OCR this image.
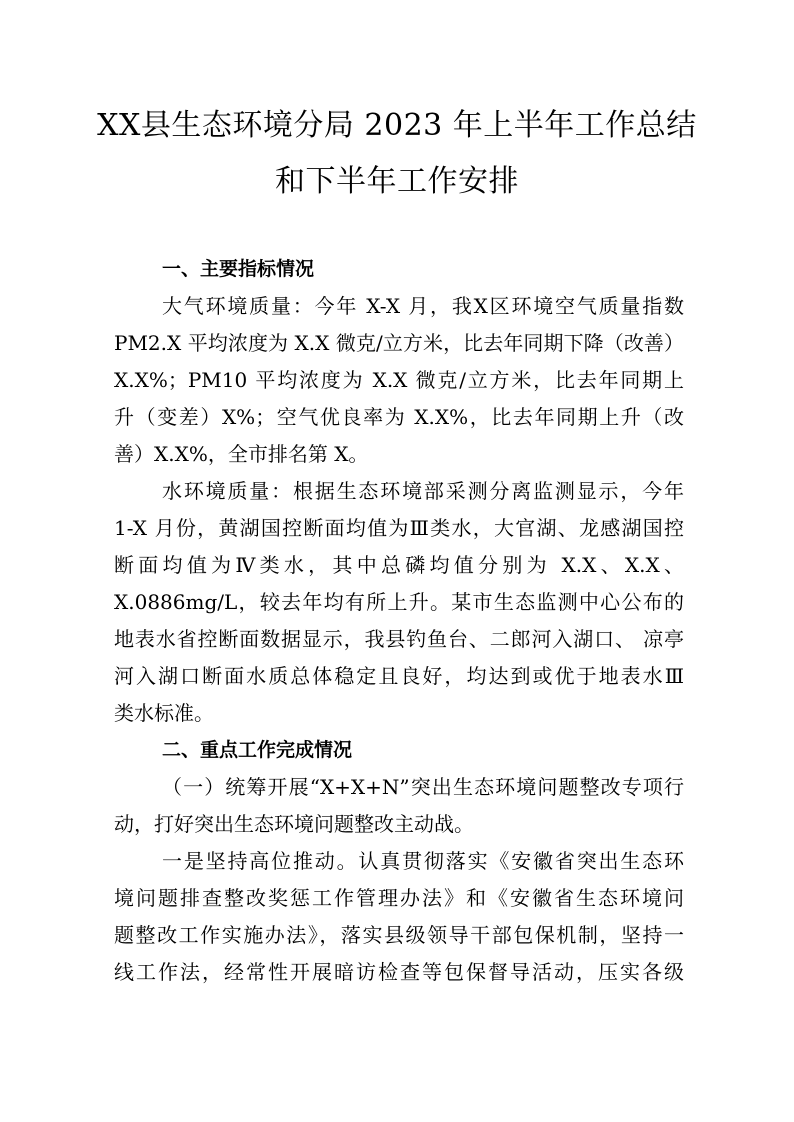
XX县生态环境分局 2023 年上半年工作总结
和下半年工作安排
一、主要指标情况
大气环境质量：今年 X-X 月，我X区环境空气质量指数
PM2.X 平均浓度为 X.X 微克/立方米，比去年同期下降（改善）
X.X%；PM10 平均浓度为 X.X 微克/立方米，比去年同期上
升（变差）X%；空气优良率为 X.X%，比去年同期上升（改
善）X.X%，全市排名第 X。
水环境质量：根据生态环境部采测分离监测显示，今年
1-X 月份，黄湖国控断面均值为Ⅲ类水，大官湖、龙感湖国控
断面均值为Ⅳ类水，其中总磷均值分别为 X.X、X.X、
X.0886mg/L，较去年均有所上升。某市生态监测中心公布的
地表水省控断面数据显示，我县钓鱼台、二郎河入湖口、 凉亭
河入湖口断面水质总体稳定且良好，均达到或优于地表水Ⅲ
类水标准。
二、重点工作完成情况
（一）统筹开展“X+X+N”突出生态环境问题整改专项行
动，打好突出生态环境问题整改主动战。
一是坚持高位推动。认真贯彻落实《安徽省突出生态环
境问题排查整改奖惩工作管理办法》和《安徽省生态环境问
题整改工作实施办法》，落实县级领导干部包保机制，坚持一
线工作法，经常性开展暗访检查等包保督导活动，压实各级
